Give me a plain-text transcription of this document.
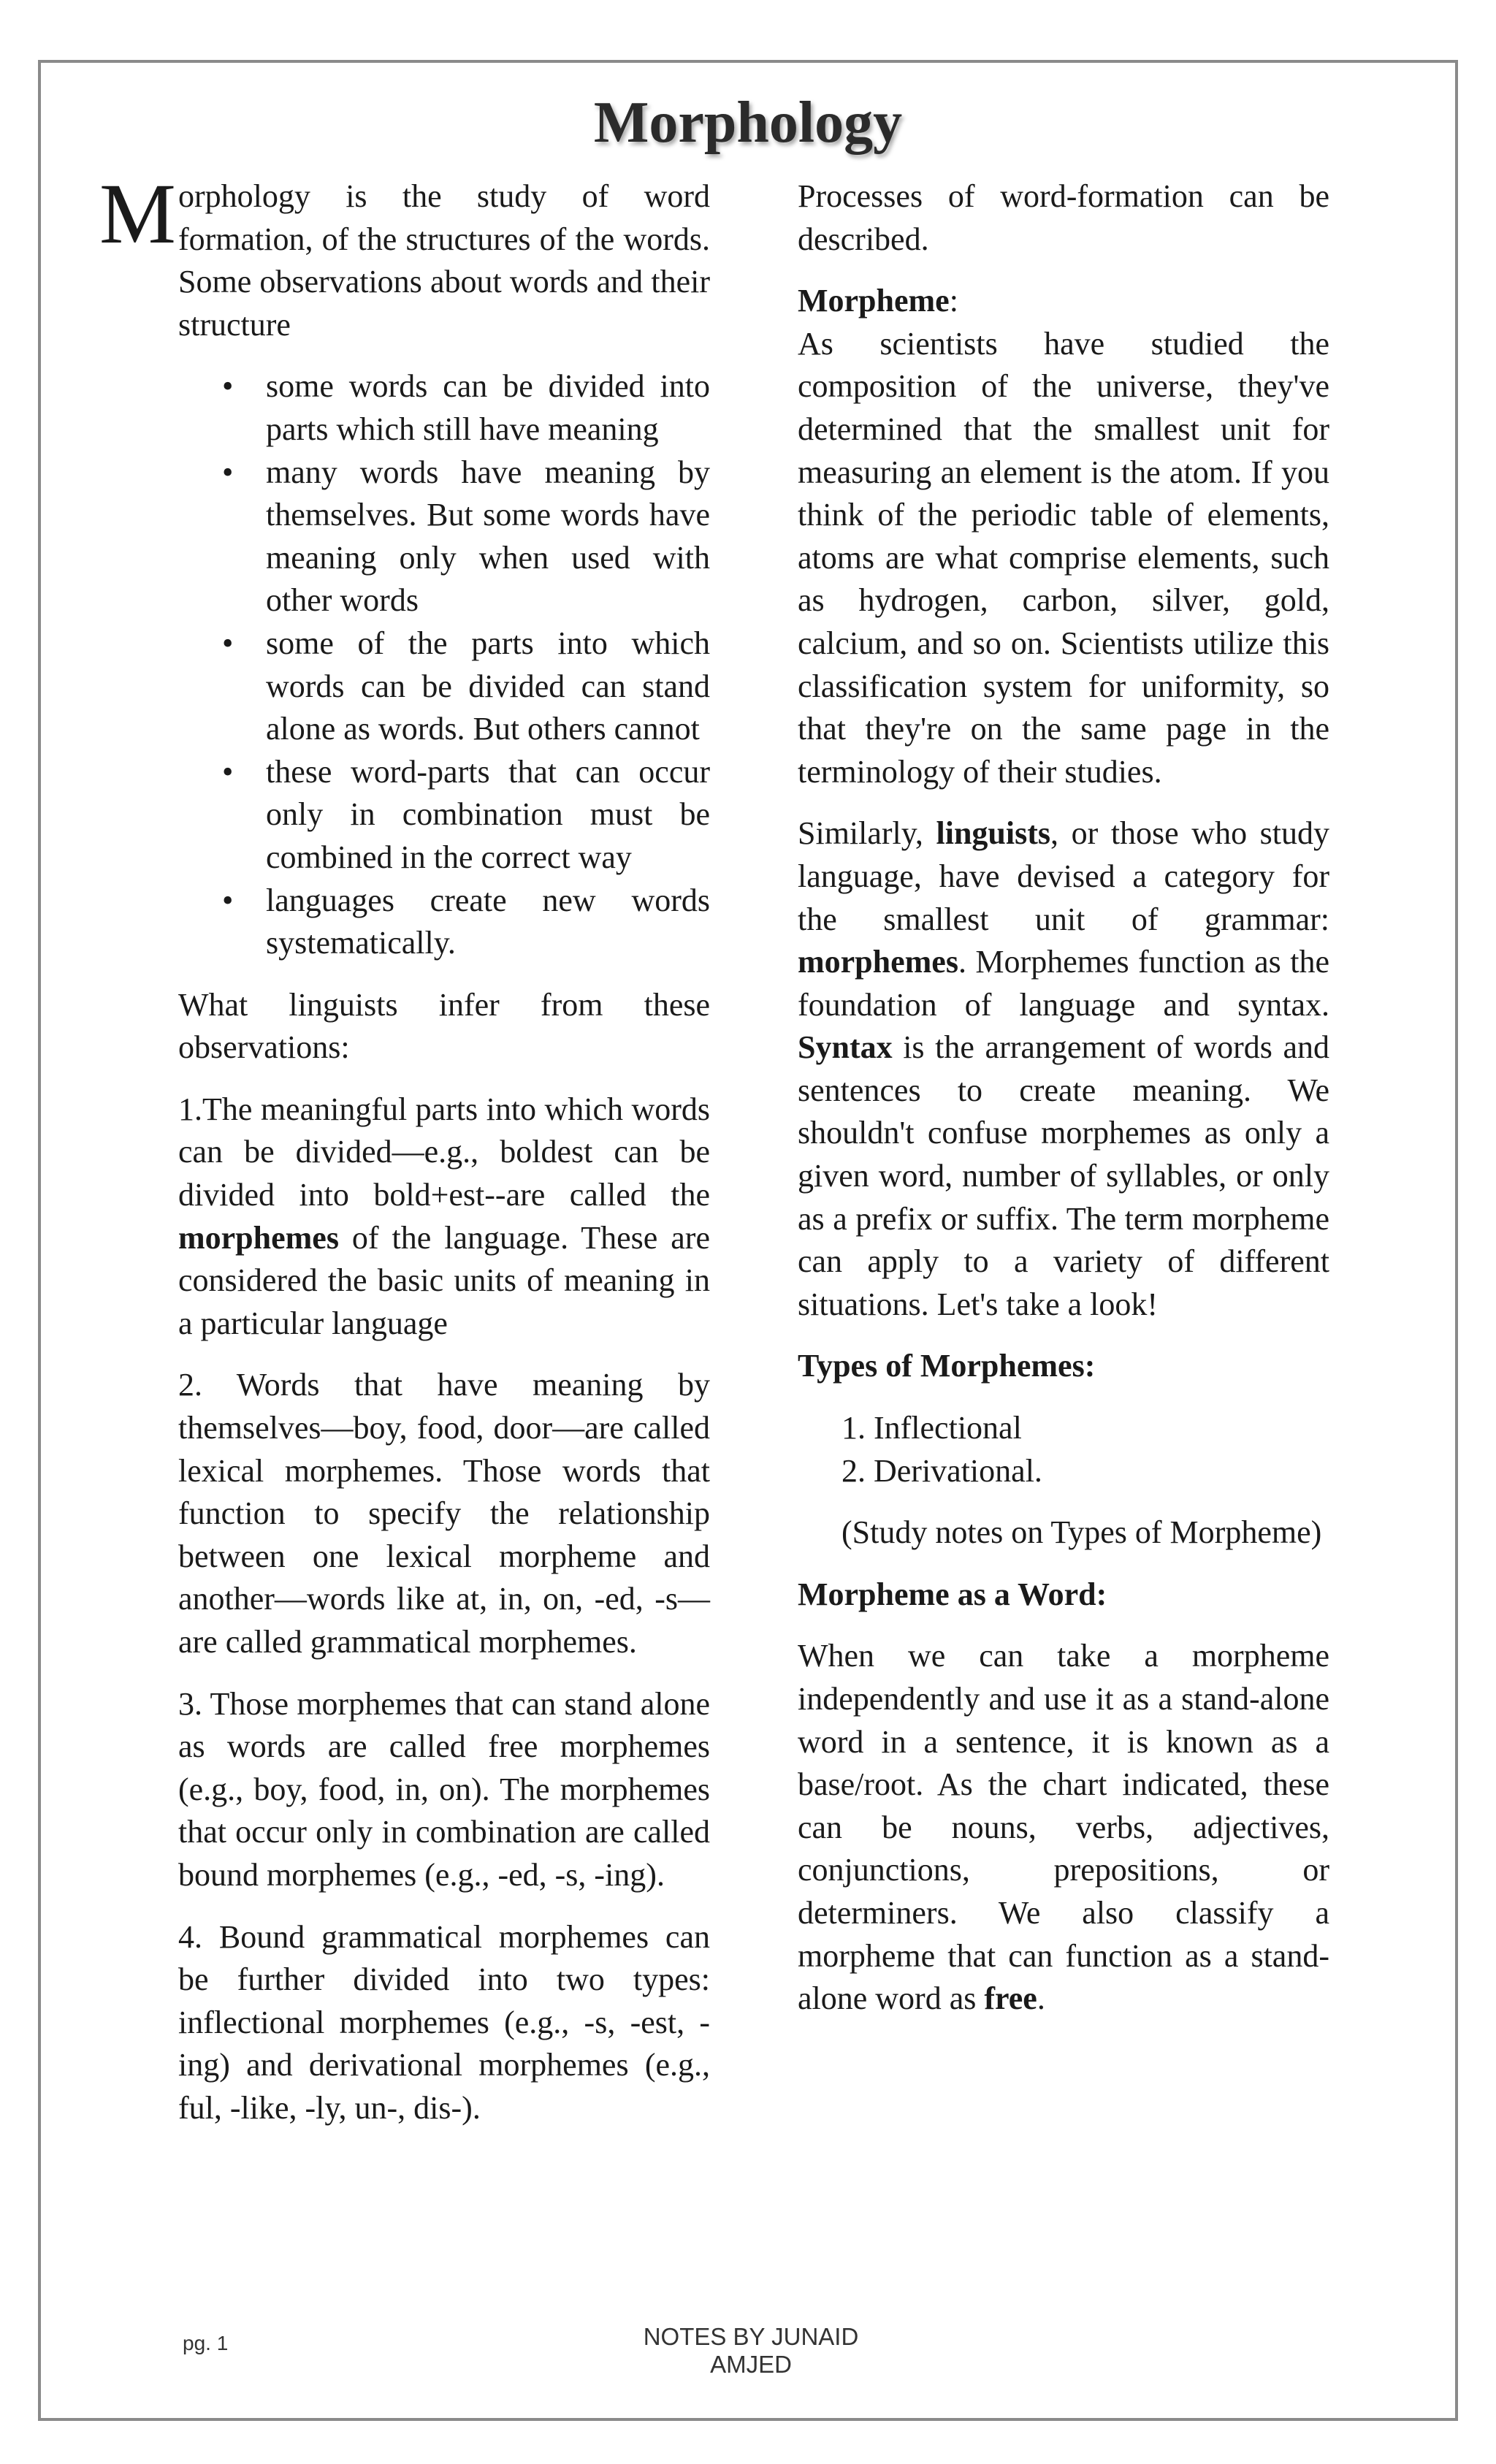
Morphology

M orphology is the study of word formation, of the structures of the words. Some observations about words and their structure

• some words can be divided into parts which still have meaning
• many words have meaning by themselves. But some words have meaning only when used with other words
• some of the parts into which words can be divided can stand alone as words. But others cannot
• these word-parts that can occur only in combination must be combined in the correct way
• languages create new words systematically.

What linguists infer from these observations:

1.The meaningful parts into which words can be divided—e.g., boldest can be divided into bold+est--are called the morphemes of the language. These are considered the basic units of meaning in a particular language

2. Words that have meaning by themselves—boy, food, door—are called lexical morphemes. Those words that function to specify the relationship between one lexical morpheme and another—words like at, in, on, -ed, -s—are called grammatical morphemes.

3. Those morphemes that can stand alone as words are called free morphemes (e.g., boy, food, in, on). The morphemes that occur only in combination are called bound morphemes (e.g., -ed, -s, -ing).

4. Bound grammatical morphemes can be further divided into two types: inflectional morphemes (e.g., -s, -est, -ing) and derivational morphemes (e.g., ful, -like, -ly, un-, dis-).

Processes of word-formation can be described.

Morpheme:

As scientists have studied the composition of the universe, they've determined that the smallest unit for measuring an element is the atom. If you think of the periodic table of elements, atoms are what comprise elements, such as hydrogen, carbon, silver, gold, calcium, and so on. Scientists utilize this classification system for uniformity, so that they're on the same page in the terminology of their studies.

Similarly, linguists, or those who study language, have devised a category for the smallest unit of grammar: morphemes. Morphemes function as the foundation of language and syntax. Syntax is the arrangement of words and sentences to create meaning. We shouldn't confuse morphemes as only a given word, number of syllables, or only as a prefix or suffix. The term morpheme can apply to a variety of different situations. Let's take a look!

Types of Morphemes:

1. Inflectional
2. Derivational.

(Study notes on Types of Morpheme)

Morpheme as a Word:

When we can take a morpheme independently and use it as a stand-alone word in a sentence, it is known as a base/root. As the chart indicated, these can be nouns, verbs, adjectives, conjunctions, prepositions, or determiners. We also classify a morpheme that can function as a stand-alone word as free.

pg. 1	NOTES BY JUNAID AMJED
